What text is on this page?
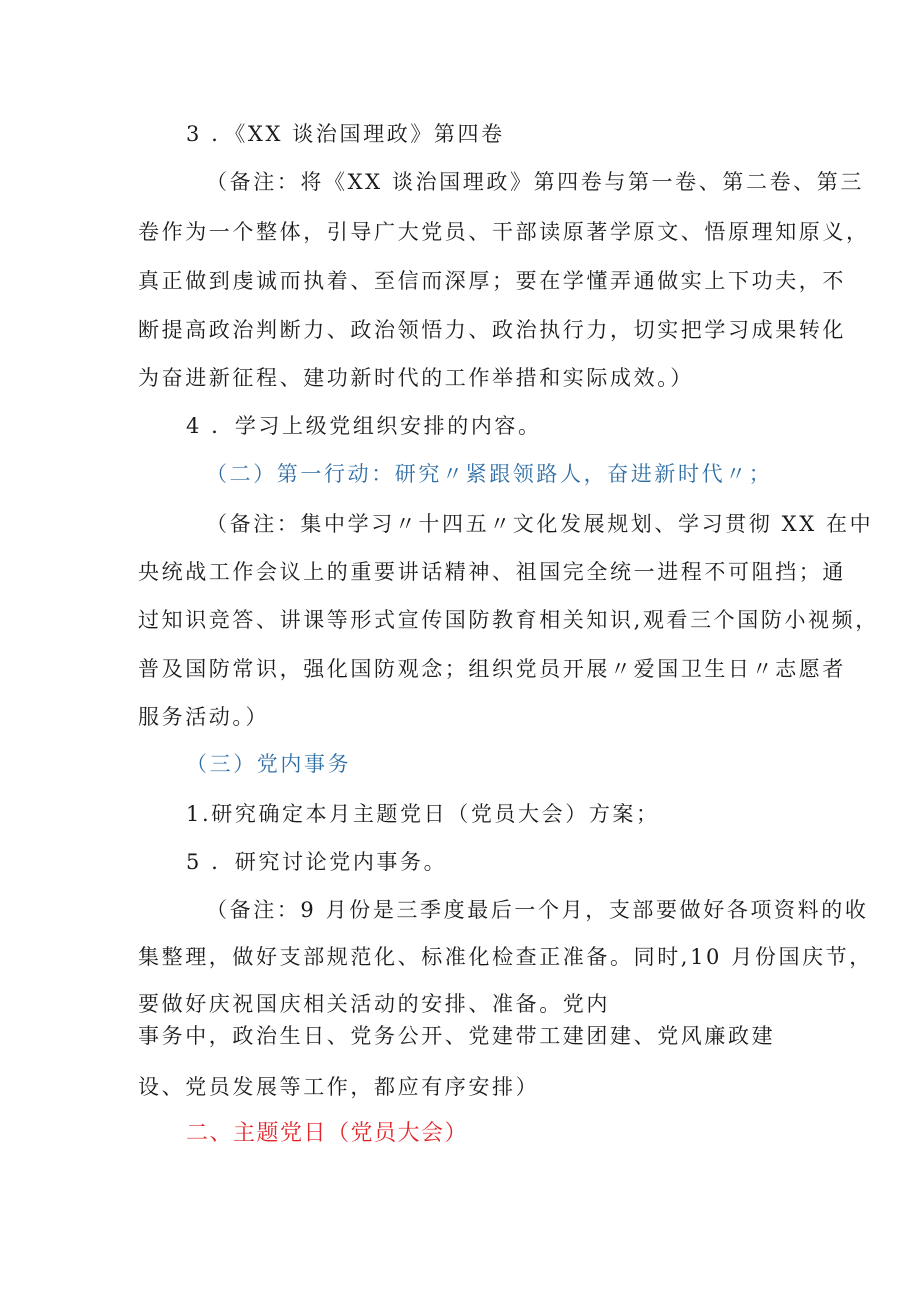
3 ．《XX 谈治国理政》第四卷
（备注：将《XX 谈治国理政》第四卷与第一卷、第二卷、第三
卷作为一个整体，引导广大党员、干部读原著学原文、悟原理知原义，
真正做到虔诚而执着、至信而深厚；要在学懂弄通做实上下功夫，不
断提高政治判断力、政治领悟力、政治执行力，切实把学习成果转化
为奋进新征程、建功新时代的工作举措和实际成效。）
4 ．学习上级党组织安排的内容。
（二）第一行动：研究〃紧跟领路人，奋进新时代〃；
（备注：集中学习〃十四五〃文化发展规划、学习贯彻 XX 在中
央统战工作会议上的重要讲话精神、祖国完全统一进程不可阻挡；通
过知识竞答、讲课等形式宣传国防教育相关知识,观看三个国防小视频，
普及国防常识，强化国防观念；组织党员开展〃爱国卫生日〃志愿者
服务活动。）
（三）党内事务
1.研究确定本月主题党日（党员大会）方案；
5 ．研究讨论党内事务。
（备注：9 月份是三季度最后一个月，支部要做好各项资料的收
集整理，做好支部规范化、标准化检查正准备。同时,10 月份国庆节，
要做好庆祝国庆相关活动的安排、准备。党内
事务中，政治生日、党务公开、党建带工建团建、党风廉政建
设、党员发展等工作，都应有序安排）
二、主题党日（党员大会）
